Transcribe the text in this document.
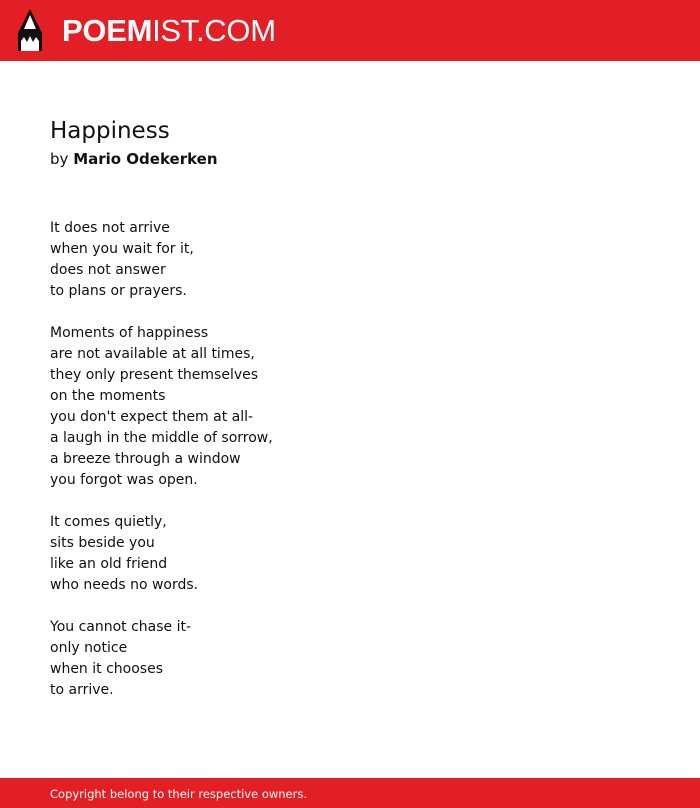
POEMIST.COM
Happiness
by Mario Odekerken
It does not arrive
when you wait for it,
does not answer
to plans or prayers.
Moments of happiness
are not available at all times,
they only present themselves
on the moments
you don't expect them at all-
a laugh in the middle of sorrow,
a breeze through a window
you forgot was open.
It comes quietly,
sits beside you
like an old friend
who needs no words.
You cannot chase it-
only notice
when it chooses
to arrive.
Copyright belong to their respective owners.
